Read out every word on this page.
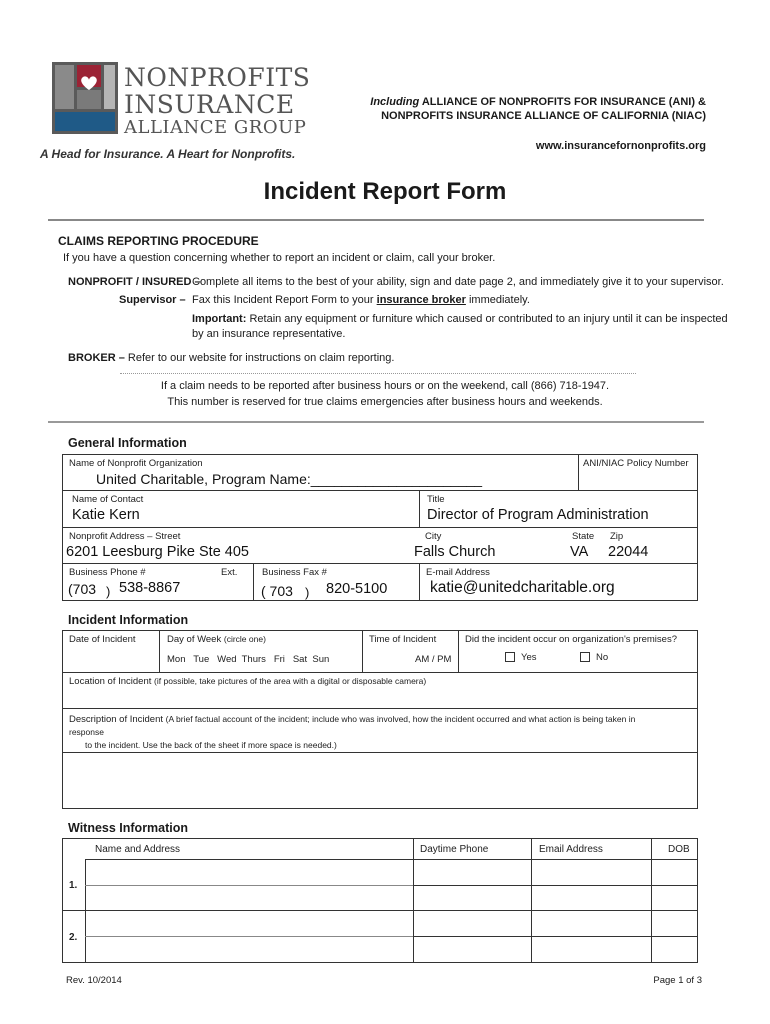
NONPROFITS
INSURANCE
ALLIANCE GROUP
A Head for Insurance. A Heart for Nonprofits.
Including ALLIANCE OF NONPROFITS FOR INSURANCE (ANI) &
NONPROFITS INSURANCE ALLIANCE OF CALIFORNIA (NIAC)
www.insurancefornonprofits.org
Incident Report Form
CLAIMS REPORTING PROCEDURE
If you have a question concerning whether to report an incident or claim, call your broker.
NONPROFIT / INSURED –
Complete all items to the best of your ability, sign and date page 2, and immediately give it to your supervisor.
Supervisor – Fax this Incident Report Form to your insurance broker immediately.
Important: Retain any equipment or furniture which caused or contributed to an injury until it can be inspected
by an insurance representative.
BROKER – Refer to our website for instructions on claim reporting.
If a claim needs to be reported after business hours or on the weekend, call (866) 718-1947.
This number is reserved for true claims emergencies after business hours and weekends.
General Information
Name of Nonprofit Organization
United Charitable, Program Name:______________________
ANI/NIAC Policy Number
Name of Contact
Katie Kern
Title
Director of Program Administration
Nonprofit Address – Street
6201 Leesburg Pike Ste 405
City
Falls Church
State
VA
Zip
22044
Business Phone #	Ext.
(703 ) 538-8867
Business Fax #
( 703 ) 820-5100
E-mail Address
katie@unitedcharitable.org
Incident Information
Date of Incident	Day of Week (circle one)
Mon   Tue   Wed  Thurs   Fri   Sat  Sun
Time of Incident
AM / PM
Did the incident occur on organization's premises?
Yes	No
Location of Incident (if possible, take pictures of the area with a digital or disposable camera)
Description of Incident (A brief factual account of the incident; include who was involved, how the incident occurred and what action is being taken in
response
to the incident. Use the back of the sheet if more space is needed.)
Witness Information
Name and Address	Daytime Phone	Email Address	DOB
1.
2.
Rev. 10/2014	Page 1 of 3
